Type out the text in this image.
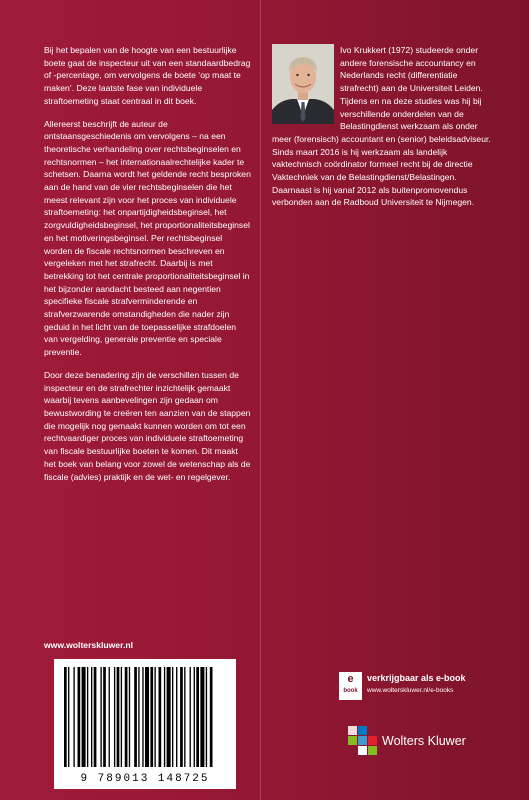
Bij het bepalen van de hoogte van een bestuurlijke boete gaat de inspecteur uit van een standaardbedrag of -percentage, om vervolgens de boete ‘op maat te maken’. Deze laatste fase van individuele straftoemeting staat centraal in dit boek.

Allereerst beschrijft de auteur de ontstaansgeschiedenis om vervolgens – na een theoretische verhandeling over rechtsbeginselen en rechtsnormen – het internationaalrechtelijke kader te schetsen. Daarna wordt het geldende recht besproken aan de hand van de vier rechtsbeginselen die het meest relevant zijn voor het proces van individuele straftoemeting: het onpartijdigheidsbeginsel, het zorgvuldigheidsbeginsel, het proportionaliteitsbeginsel en het motiveringsbeginsel. Per rechtsbeginsel worden de fiscale rechtsnormen beschreven en vergeleken met het strafrecht. Daarbij is met betrekking tot het centrale proportionaliteitsbeginsel in het bijzonder aandacht besteed aan negentien specifieke fiscale strafverminderende en strafverzwarende omstandigheden die nader zijn geduid in het licht van de toepasselijke strafdoelen van vergelding, generale preventie en speciale preventie.

Door deze benadering zijn de verschillen tussen de inspecteur en de strafrechter inzichtelijk gemaakt waarbij tevens aanbevelingen zijn gedaan om bewustwording te creëren ten aanzien van de stappen die mogelijk nog gemaakt kunnen worden om tot een rechtvaardiger proces van individuele straftoemeting van fiscale bestuurlijke boeten te komen. Dit maakt het boek van belang voor zowel de wetenschap als de fiscale (advies) praktijk en de wet- en regelgever.

www.wolterskluwer.nl

Ivo Krukkert (1972) studeerde onder andere forensische accountancy en Nederlands recht (differentiatie strafrecht) aan de Universiteit Leiden. Tijdens en na deze studies was hij bij verschillende onderdelen van de Belastingdienst werkzaam als onder meer (forensisch) accountant en (senior) beleidsadviseur. Sinds maart 2016 is hij werkzaam als landelijk vaktechnisch coördinator formeel recht bij de directie Vaktechniek van de Belastingdienst/Belastingen.

Daarnaast is hij vanaf 2012 als buitenpromovendus verbonden aan de Radboud Universiteit te Nijmegen.

9 789013 148725
e
book
verkrijgbaar als e-book
www.wolterskluwer.nl/e-books
Wolters Kluwer
